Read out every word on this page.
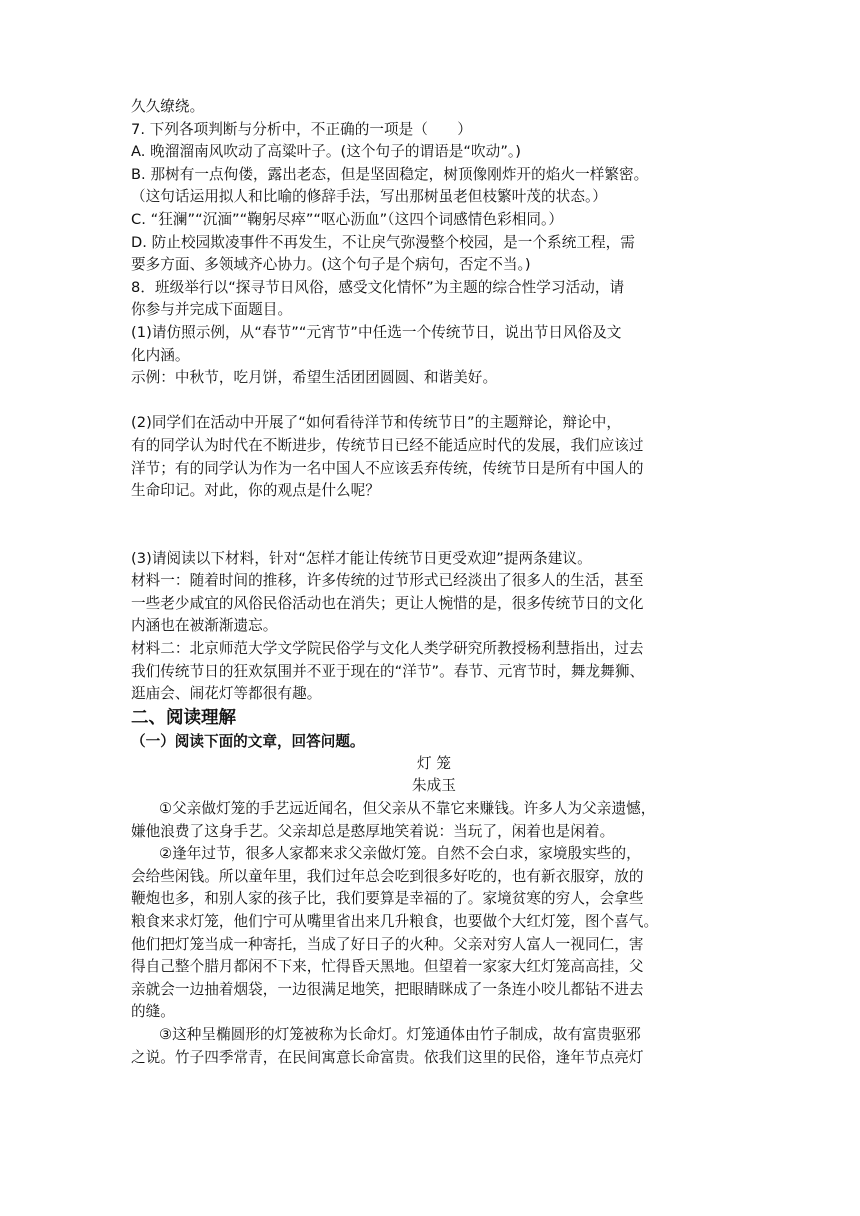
久久缭绕。
7. 下列各项判断与分析中，不正确的一项是（　　）
A. 晚溜溜南风吹动了高粱叶子。(这个句子的谓语是“吹动”。)
B. 那树有一点佝偻，露出老态，但是坚固稳定，树顶像刚炸开的焰火一样繁密。
（这句话运用拟人和比喻的修辞手法，写出那树虽老但枝繁叶茂的状态。）
C. “狂澜”“沉湎”“鞠躬尽瘁”“呕心沥血”（这四个词感情色彩相同。）
D. 防止校园欺凌事件不再发生，不让戾气弥漫整个校园，是一个系统工程，需
要多方面、多领域齐心协力。(这个句子是个病句，否定不当。)
8．班级举行以“探寻节日风俗，感受文化情怀”为主题的综合性学习活动，请
你参与并完成下面题目。
(1)请仿照示例，从“春节”“元宵节”中任选一个传统节日，说出节日风俗及文
化内涵。
示例：中秋节，吃月饼，希望生活团团圆圆、和谐美好。
(2)同学们在活动中开展了“如何看待洋节和传统节日”的主题辩论，辩论中，
有的同学认为时代在不断进步，传统节日已经不能适应时代的发展，我们应该过
洋节；有的同学认为作为一名中国人不应该丢弃传统，传统节日是所有中国人的
生命印记。对此，你的观点是什么呢？
(3)请阅读以下材料，针对“怎样才能让传统节日更受欢迎”提两条建议。
材料一：随着时间的推移，许多传统的过节形式已经淡出了很多人的生活，甚至
一些老少咸宜的风俗民俗活动也在消失；更让人惋惜的是，很多传统节日的文化
内涵也在被渐渐遗忘。
材料二：北京师范大学文学院民俗学与文化人类学研究所教授杨利慧指出，过去
我们传统节日的狂欢氛围并不亚于现在的“洋节”。春节、元宵节时，舞龙舞狮、
逛庙会、闹花灯等都很有趣。
二、阅读理解
（一）阅读下面的文章，回答问题。
灯 笼
朱成玉
①父亲做灯笼的手艺远近闻名，但父亲从不靠它来赚钱。许多人为父亲遗憾，
嫌他浪费了这身手艺。父亲却总是憨厚地笑着说：当玩了，闲着也是闲着。
②逢年过节，很多人家都来求父亲做灯笼。自然不会白求，家境殷实些的，
会给些闲钱。所以童年里，我们过年总会吃到很多好吃的，也有新衣服穿，放的
鞭炮也多，和别人家的孩子比，我们要算是幸福的了。家境贫寒的穷人，会拿些
粮食来求灯笼，他们宁可从嘴里省出来几升粮食，也要做个大红灯笼，图个喜气。
他们把灯笼当成一种寄托，当成了好日子的火种。父亲对穷人富人一视同仁，害
得自己整个腊月都闲不下来，忙得昏天黑地。但望着一家家大红灯笼高高挂，父
亲就会一边抽着烟袋，一边很满足地笑，把眼睛眯成了一条连小咬儿都钻不进去
的缝。
③这种呈椭圆形的灯笼被称为长命灯。灯笼通体由竹子制成，故有富贵驱邪
之说。竹子四季常青，在民间寓意长命富贵。依我们这里的民俗，逢年节点亮灯
